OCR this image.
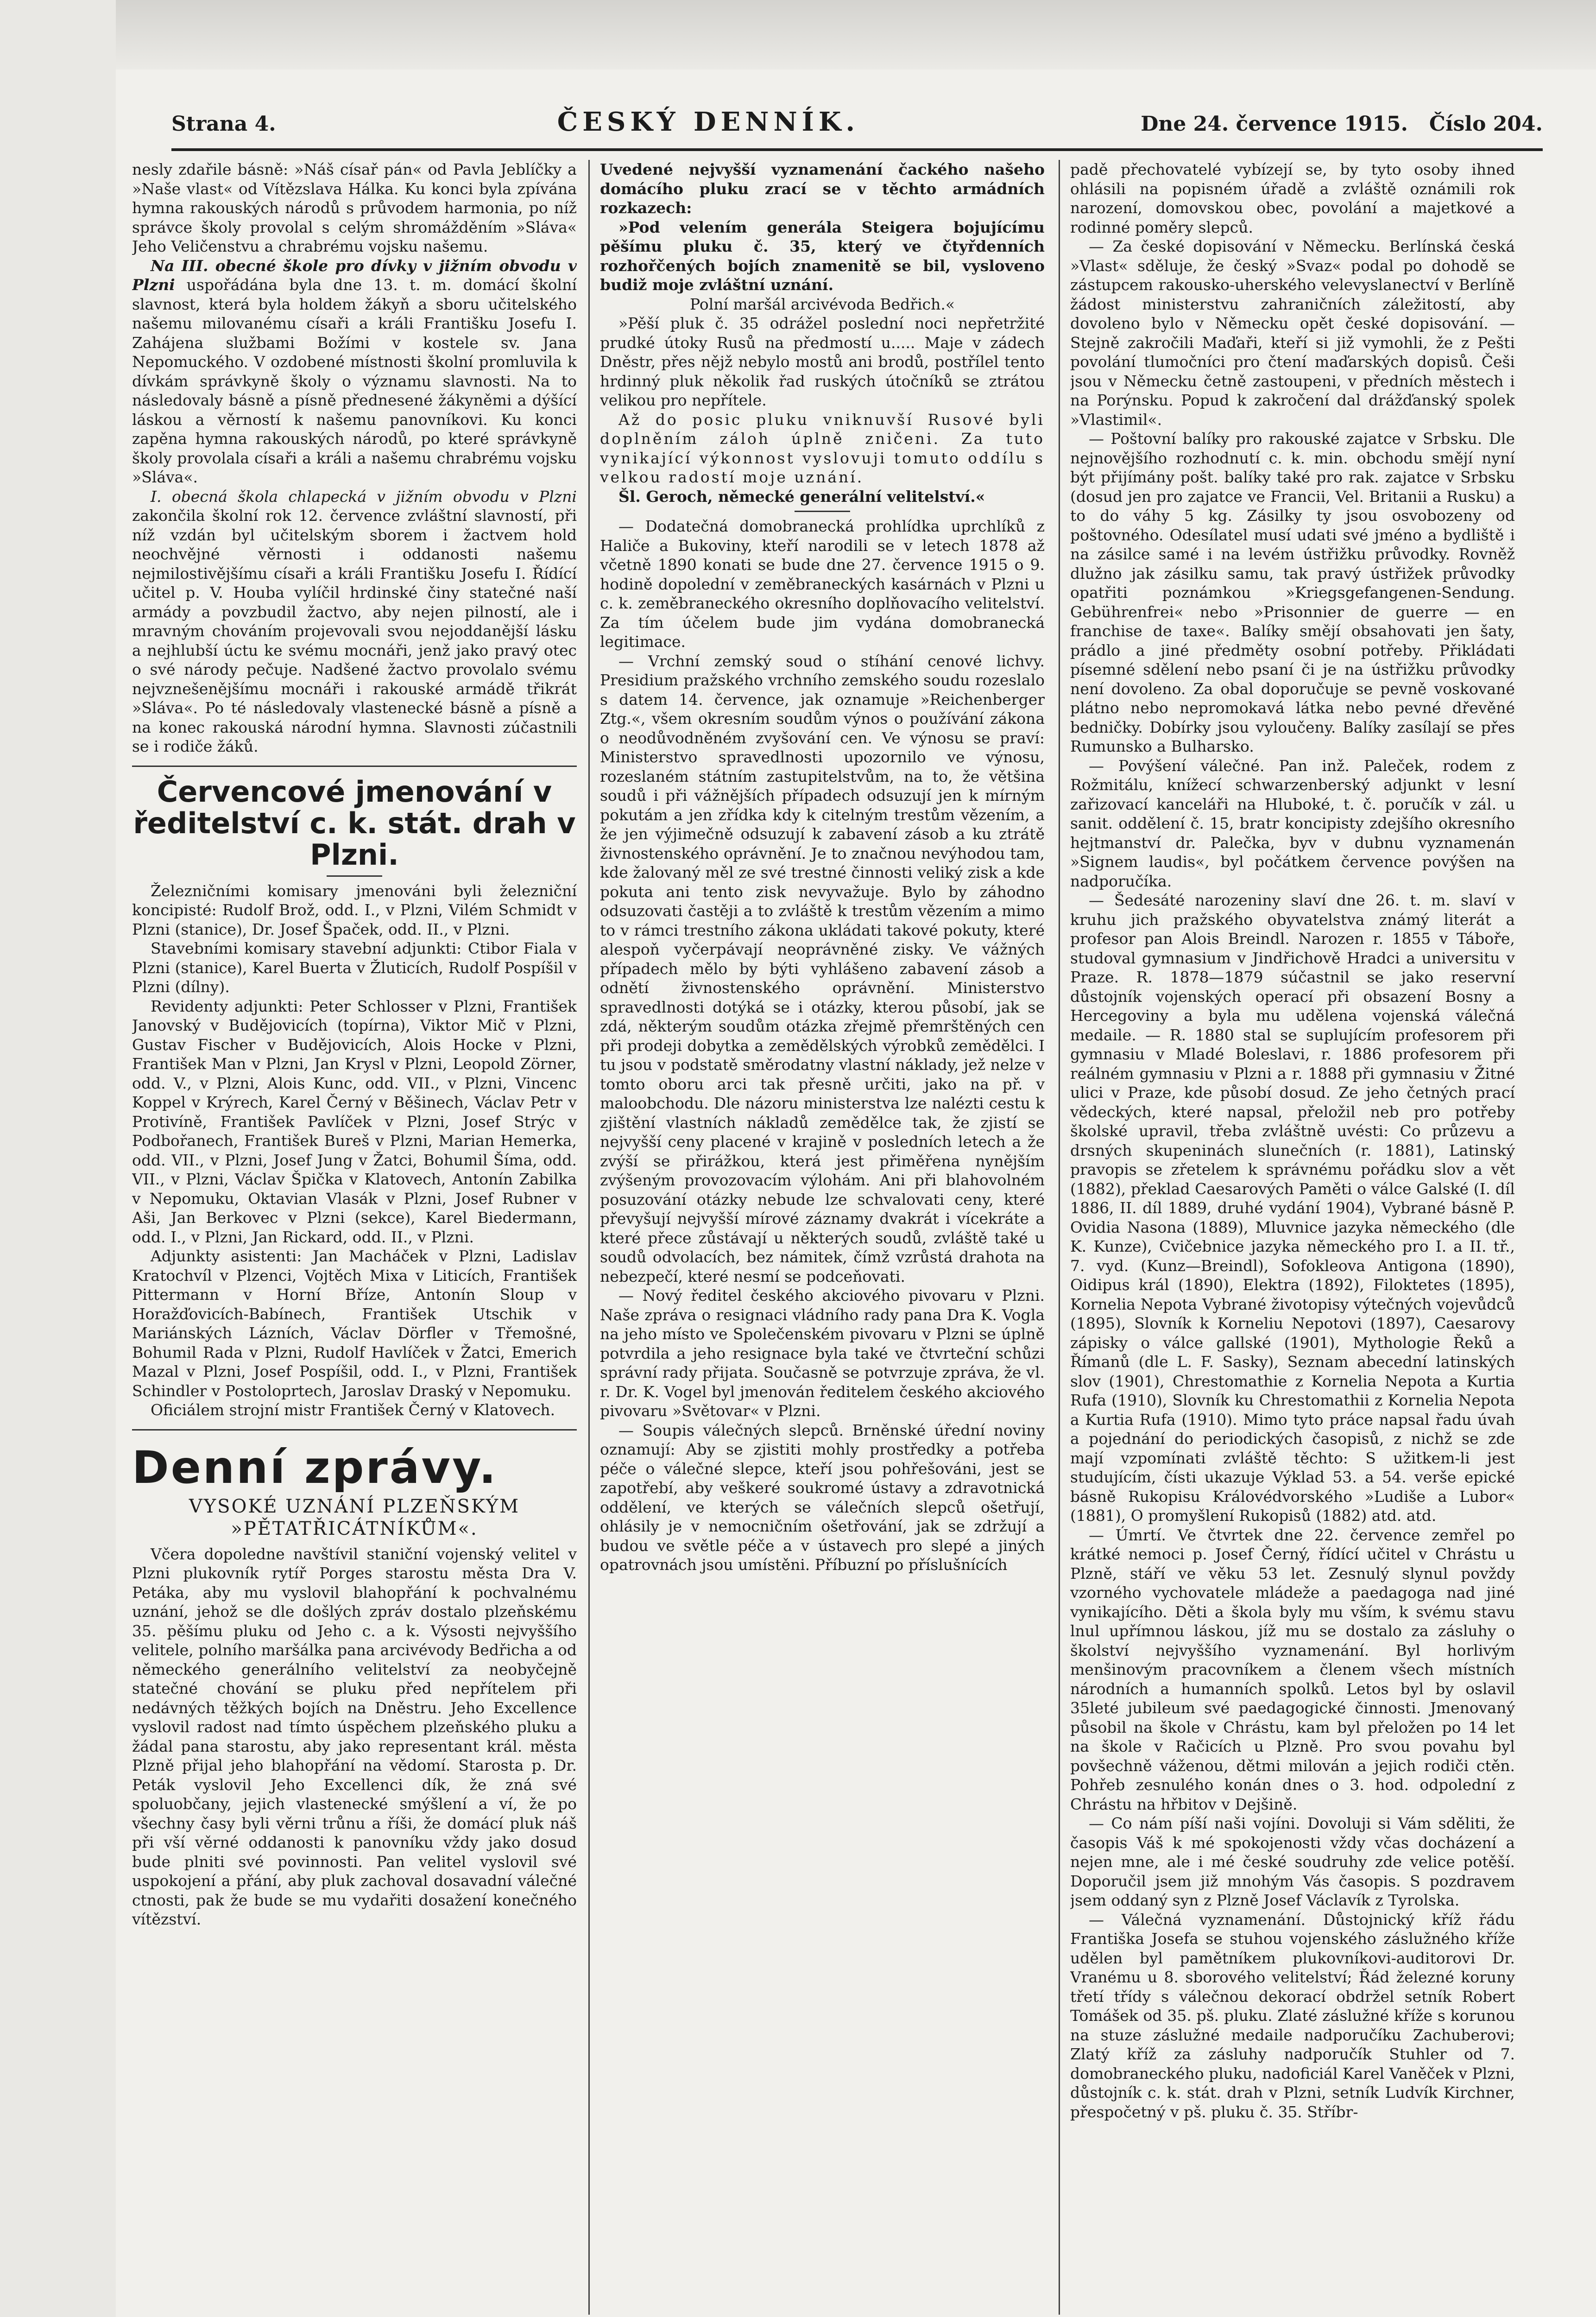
Strana 4.	ČESKÝ DENNÍK.	Dne 24. července 1915. Číslo 204.

nesly zdařile básně: »Náš císař pán« od Pavla Jeblíčky a »Naše vlast« od Vítězslava Hálka. Ku konci byla zpívána hymna rakouských národů s průvodem harmonia, po níž správce školy provolal s celým shromážděním »Sláva« Jeho Veličenstvu a chrabrému vojsku našemu.

Na III. obecné škole pro dívky v jižním obvodu v Plzni uspořádána byla dne 13. t. m. domácí školní slavnost, která byla holdem žákyň a sboru učitelského našemu milovanému císaři a králi Františku Josefu I. Zahájena službami Božími v kostele sv. Jana Nepomuckého. V ozdobené místnosti školní promluvila k dívkám správkyně školy o významu slavnosti. Na to následovaly básně a písně přednesené žákyněmi a dýšící láskou a věrností k našemu panovníkovi. Ku konci zapěna hymna rakouských národů, po které správkyně školy provolala císaři a králi a našemu chrabrému vojsku »Sláva«.

I. obecná škola chlapecká v jižním obvodu v Plzni zakončila školní rok 12. července zvláštní slavností, při níž vzdán byl učitelským sborem i žactvem hold neochvějné věrnosti i oddanosti našemu nejmilostivějšímu císaři a králi Františku Josefu I. Řídící učitel p. V. Houba vylíčil hrdinské činy statečné naší armády a povzbudil žactvo, aby nejen pilností, ale i mravným chováním projevovali svou nejoddanější lásku a nejhlubší úctu ke svému mocnáři, jenž jako pravý otec o své národy pečuje. Nadšené žactvo provolalo svému nejvznešenějšímu mocnáři i rakouské armádě třikrát »Sláva«. Po té následovaly vlastenecké básně a písně a na konec rakouská národní hymna. Slavnosti zúčastnili se i rodiče žáků.

Červencové jmenování v ředitelství c. k. stát. drah v Plzni.

Železničními komisary jmenováni byli železniční koncipisté: Rudolf Brož, odd. I., v Plzni, Vilém Schmidt v Plzni (stanice), Dr. Josef Špaček, odd. II., v Plzni.

Stavebními komisary stavební adjunkti: Ctibor Fiala v Plzni (stanice), Karel Buerta v Žluticích, Rudolf Pospíšil v Plzni (dílny).

Revidenty adjunkti: Peter Schlosser v Plzni, František Janovský v Budějovicích (topírna), Viktor Mič v Plzni, Gustav Fischer v Budějovicích, Alois Hocke v Plzni, František Man v Plzni, Jan Krysl v Plzni, Leopold Zörner, odd. V., v Plzni, Alois Kunc, odd. VII., v Plzni, Vincenc Koppel v Krýrech, Karel Černý v Běšinech, Václav Petr v Protivíně, František Pavlíček v Plzni, Josef Strýc v Podbořanech, František Bureš v Plzni, Marian Hemerka, odd. VII., v Plzni, Josef Jung v Žatci, Bohumil Šíma, odd. VII., v Plzni, Václav Špička v Klatovech, Antonín Zabilka v Nepomuku, Oktavian Vlasák v Plzni, Josef Rubner v Aši, Jan Berkovec v Plzni (sekce), Karel Biedermann, odd. I., v Plzni, Jan Rickard, odd. II., v Plzni.

Adjunkty asistenti: Jan Macháček v Plzni, Ladislav Kratochvíl v Plzenci, Vojtěch Mixa v Liticích, František Pittermann v Horní Bříze, Antonín Sloup v Horažďovicích-Babínech, František Utschik v Mariánských Lázních, Václav Dörfler v Třemošné, Bohumil Rada v Plzni, Rudolf Havlíček v Žatci, Emerich Mazal v Plzni, Josef Pospíšil, odd. I., v Plzni, František Schindler v Postoloprtech, Jaroslav Draský v Nepomuku.

Oficiálem strojní mistr František Černý v Klatovech.

Denní zprávy.
VYSOKÉ UZNÁNÍ PLZEŇSKÝM »PĚTATŘICÁTNÍKŮM«.

Včera dopoledne navštívil staniční vojenský velitel v Plzni plukovník rytíř Porges starostu města Dra V. Petáka, aby mu vyslovil blahopřání k pochvalnému uznání, jehož se dle došlých zpráv dostalo plzeňskému 35. pěšímu pluku od Jeho c. a k. Výsosti nejvyššího velitele, polního maršálka pana arcivévody Bedřicha a od německého generálního velitelství za neobyčejně statečné chování se pluku před nepřítelem při nedávných těžkých bojích na Dněstru. Jeho Excellence vyslovil radost nad tímto úspěchem plzeňského pluku a žádal pana starostu, aby jako representant král. města Plzně přijal jeho blahopřání na vědomí. Starosta p. Dr. Peták vyslovil Jeho Excellenci dík, že zná své spoluobčany, jejich vlastenecké smýšlení a ví, že po všechny časy byli věrni trůnu a říši, že domácí pluk náš při vší věrné oddanosti k panovníku vždy jako dosud bude plniti své povinnosti. Pan velitel vyslovil své uspokojení a přání, aby pluk zachoval dosavadní válečné ctnosti, pak že bude se mu vydařiti dosažení konečného vítězství.

Uvedené nejvyšší vyznamenání čackého našeho domácího pluku zrací se v těchto armádních rozkazech:

»Pod velením generála Steigera bojujícímu pěšímu pluku č. 35, který ve čtyřdenních rozhořčených bojích znamenitě se bil, vysloveno budiž moje zvláštní uznání.

Polní maršál arcivévoda Bedřich.«

»Pěší pluk č. 35 odrážel poslední noci nepřetržité prudké útoky Rusů na předmostí u..... Maje v zádech Dněstr, přes nějž nebylo mostů ani brodů, postřílel tento hrdinný pluk několik řad ruských útočníků se ztrátou velikou pro nepřítele.

Až do posic pluku vniknuvší Rusové byli doplněním záloh úplně zničeni. Za tuto vynikající výkonnost vyslovuji tomuto oddílu s velkou radostí moje uznání.

Šl. Geroch, německé generální velitelství.«

— Dodatečná domobranecká prohlídka uprchlíků z Haliče a Bukoviny, kteří narodili se v letech 1878 až včetně 1890 konati se bude dne 27. července 1915 o 9. hodině dopolední v zeměbraneckých kasárnách v Plzni u c. k. zeměbraneckého okresního doplňovacího velitelství. Za tím účelem bude jim vydána domobranecká legitimace.

— Vrchní zemský soud o stíhání cenové lichvy. Presidium pražského vrchního zemského soudu rozeslalo s datem 14. července, jak oznamuje »Reichenberger Ztg.«, všem okresním soudům výnos o používání zákona o neodůvodněném zvyšování cen. Ve výnosu se praví: Ministerstvo spravedlnosti upozornilo ve výnosu, rozeslaném státním zastupitelstvům, na to, že většina soudů i při vážnějších případech odsuzují jen k mírným pokutám a jen zřídka kdy k citelným trestům vězením, a že jen výjimečně odsuzují k zabavení zásob a ku ztrátě živnostenského oprávnění. Je to značnou nevýhodou tam, kde žalovaný měl ze své trestné činnosti veliký zisk a kde pokuta ani tento zisk nevyvažuje. Bylo by záhodno odsuzovati častěji a to zvláště k trestům vězením a mimo to v rámci trestního zákona ukládati takové pokuty, které alespoň vyčerpávají neoprávněné zisky. Ve vážných případech mělo by býti vyhlášeno zabavení zásob a odnětí živnostenského oprávnění. Ministerstvo spravedlnosti dotýká se i otázky, kterou působí, jak se zdá, některým soudům otázka zřejmě přemrštěných cen při prodeji dobytka a zemědělských výrobků zemědělci. I tu jsou v podstatě směrodatny vlastní náklady, jež nelze v tomto oboru arci tak přesně určiti, jako na př. v maloobchodu. Dle názoru ministerstva lze nalézti cestu k zjištění vlastních nákladů zemědělce tak, že zjistí se nejvyšší ceny placené v krajině v posledních letech a že zvýší se přirážkou, která jest přiměřena nynějším zvýšeným provozovacím výlohám. Ani při blahovolném posuzování otázky nebude lze schvalovati ceny, které převyšují nejvyšší mírové záznamy dvakrát i vícekráte a které přece zůstávají u některých soudů, zvláště také u soudů odvolacích, bez námitek, čímž vzrůstá drahota na nebezpečí, které nesmí se podceňovati.

— Nový ředitel českého akciového pivovaru v Plzni. Naše zpráva o resignaci vládního rady pana Dra K. Vogla na jeho místo ve Společenském pivovaru v Plzni se úplně potvrdila a jeho resignace byla také ve čtvrteční schůzi správní rady přijata. Současně se potvrzuje zpráva, že vl. r. Dr. K. Vogel byl jmenován ředitelem českého akciového pivovaru »Světovar« v Plzni.

— Soupis válečných slepců. Brněnské úřední noviny oznamují: Aby se zjistiti mohly prostředky a potřeba péče o válečné slepce, kteří jsou pohřešováni, jest se zapotřebí, aby veškeré soukromé ústavy a zdravotnická oddělení, ve kterých se válečních slepců ošetřují, ohlásily je v nemocničním ošetřování, jak se zdržují a budou ve světle péče a v ústavech pro slepé a jiných opatrovnách jsou umístěni. Příbuzní po příslušnících

padě přechovatelé vybízejí se, by tyto osoby ihned ohlásili na popisném úřadě a zvláště oznámili rok narození, domovskou obec, povolání a majetkové a rodinné poměry slepců.

— Za české dopisování v Německu. Berlínská česká »Vlast« sděluje, že český »Svaz« podal po dohodě se zástupcem rakousko-uherského velevyslanectví v Berlíně žádost ministerstvu zahraničních záležitostí, aby dovoleno bylo v Německu opět české dopisování. — Stejně zakročili Maďaři, kteří si již vymohli, že z Pešti povolání tlumočníci pro čtení maďarských dopisů. Češi jsou v Německu četně zastoupeni, v předních městech i na Porýnsku. Popud k zakročení dal drážďanský spolek »Vlastimil«.

— Poštovní balíky pro rakouské zajatce v Srbsku. Dle nejnovějšího rozhodnutí c. k. min. obchodu smějí nyní být přijímány pošt. balíky také pro rak. zajatce v Srbsku (dosud jen pro zajatce ve Francii, Vel. Britanii a Rusku) a to do váhy 5 kg. Zásilky ty jsou osvobozeny od poštovného. Odesílatel musí udati své jméno a bydliště i na zásilce samé i na levém ústřižku průvodky. Rovněž dlužno jak zásilku samu, tak pravý ústřižek průvodky opatřiti poznámkou »Kriegsgefangenen-Sendung. Gebührenfrei« nebo »Prisonnier de guerre — en franchise de taxe«. Balíky smějí obsahovati jen šaty, prádlo a jiné předměty osobní potřeby. Přikládati písemné sdělení nebo psaní či je na ústřižku průvodky není dovoleno. Za obal doporučuje se pevně voskované plátno nebo nepromokavá látka nebo pevné dřevěné bedničky. Dobírky jsou vyloučeny. Balíky zasílají se přes Rumunsko a Bulharsko.

— Povýšení válečné. Pan inž. Paleček, rodem z Rožmitálu, knížecí schwarzenberský adjunkt v lesní zařizovací kanceláři na Hluboké, t. č. poručík v zál. u sanit. oddělení č. 15, bratr koncipisty zdejšího okresního hejtmanství dr. Palečka, byv v dubnu vyznamenán »Signem laudis«, byl počátkem července povýšen na nadporučíka.

— Šedesáté narozeniny slaví dne 26. t. m. slaví v kruhu jich pražského obyvatelstva známý literát a profesor pan Alois Breindl. Narozen r. 1855 v Táboře, studoval gymnasium v Jindřichově Hradci a universitu v Praze. R. 1878—1879 súčastnil se jako reservní důstojník vojenských operací při obsazení Bosny a Hercegoviny a byla mu udělena vojenská válečná medaile. — R. 1880 stal se suplujícím profesorem při gymnasiu v Mladé Boleslavi, r. 1886 profesorem při reálném gymnasiu v Plzni a r. 1888 při gymnasiu v Žitné ulici v Praze, kde působí dosud. Ze jeho četných prací vědeckých, které napsal, přeložil neb pro potřeby školské upravil, třeba zvláštně uvésti: Co průzevu a drsných skupeninách slunečních (r. 1881), Latinský pravopis se zřetelem k správnému pořádku slov a vět (1882), překlad Caesarových Paměti o válce Galské (I. díl 1886, II. díl 1889, druhé vydání 1904), Vybrané básně P. Ovidia Nasona (1889), Mluvnice jazyka německého (dle K. Kunze), Cvičebnice jazyka německého pro I. a II. tř., 7. vyd. (Kunz—Breindl), Sofokleova Antigona (1890), Oidipus král (1890), Elektra (1892), Filoktetes (1895), Kornelia Nepota Vybrané životopisy výtečných vojevůdců (1895), Slovník k Korneliu Nepotovi (1897), Caesarovy zápisky o válce gallské (1901), Mythologie Řeků a Římanů (dle L. F. Sasky), Seznam abecední latinských slov (1901), Chrestomathie z Kornelia Nepota a Kurtia Rufa (1910), Slovník ku Chrestomathii z Kornelia Nepota a Kurtia Rufa (1910). Mimo tyto práce napsal řadu úvah a pojednání do periodických časopisů, z nichž se zde mají vzpomínati zvláště těchto: S užitkem-li jest studujícím, čísti ukazuje Výklad 53. a 54. verše epické básně Rukopisu Královédvorského »Ludiše a Lubor« (1881), O promyšlení Rukopisů (1882) atd. atd.

— Úmrtí. Ve čtvrtek dne 22. července zemřel po krátké nemoci p. Josef Černý, řídící učitel v Chrástu u Plzně, stáří ve věku 53 let. Zesnulý slynul povždy vzorného vychovatele mládeže a paedagoga nad jiné vynikajícího. Děti a škola byly mu vším, k svému stavu lnul upřímnou láskou, jíž mu se dostalo za zásluhy o školství nejvyššího vyznamenání. Byl horlivým menšinovým pracovníkem a členem všech místních národních a humanních spolků. Letos byl by oslavil 35leté jubileum své paedagogické činnosti. Jmenovaný působil na škole v Chrástu, kam byl přeložen po 14 let na škole v Račicích u Plzně. Pro svou povahu byl povšechně váženou, dětmi milován a jejich rodiči ctěn. Pohřeb zesnulého konán dnes o 3. hod. odpolední z Chrástu na hřbitov v Dejšině.

— Co nám píší naši vojíni. Dovoluji si Vám sděliti, že časopis Váš k mé spokojenosti vždy včas docházení a nejen mne, ale i mé české soudruhy zde velice potěší. Doporučil jsem již mnohým Vás časopis. S pozdravem jsem oddaný syn z Plzně Josef Václavík z Tyrolska.

— Válečná vyznamenání. Důstojnický kříž řádu Františka Josefa se stuhou vojenského záslužného kříže udělen byl pamětníkem plukovníkovi-auditorovi Dr. Vranému u 8. sborového velitelství; Řád železné koruny třetí třídy s válečnou dekorací obdržel setník Robert Tomášek od 35. pš. pluku. Zlaté záslužné kříže s korunou na stuze záslužné medaile nadporučíku Zachuberovi; Zlatý kříž za zásluhy nadporučík Stuhler od 7. domobraneckého pluku, nadoficiál Karel Vaněček v Plzni, důstojník c. k. stát. drah v Plzni, setník Ludvík Kirchner, přespočetný v pš. pluku č. 35. Stříbr-
